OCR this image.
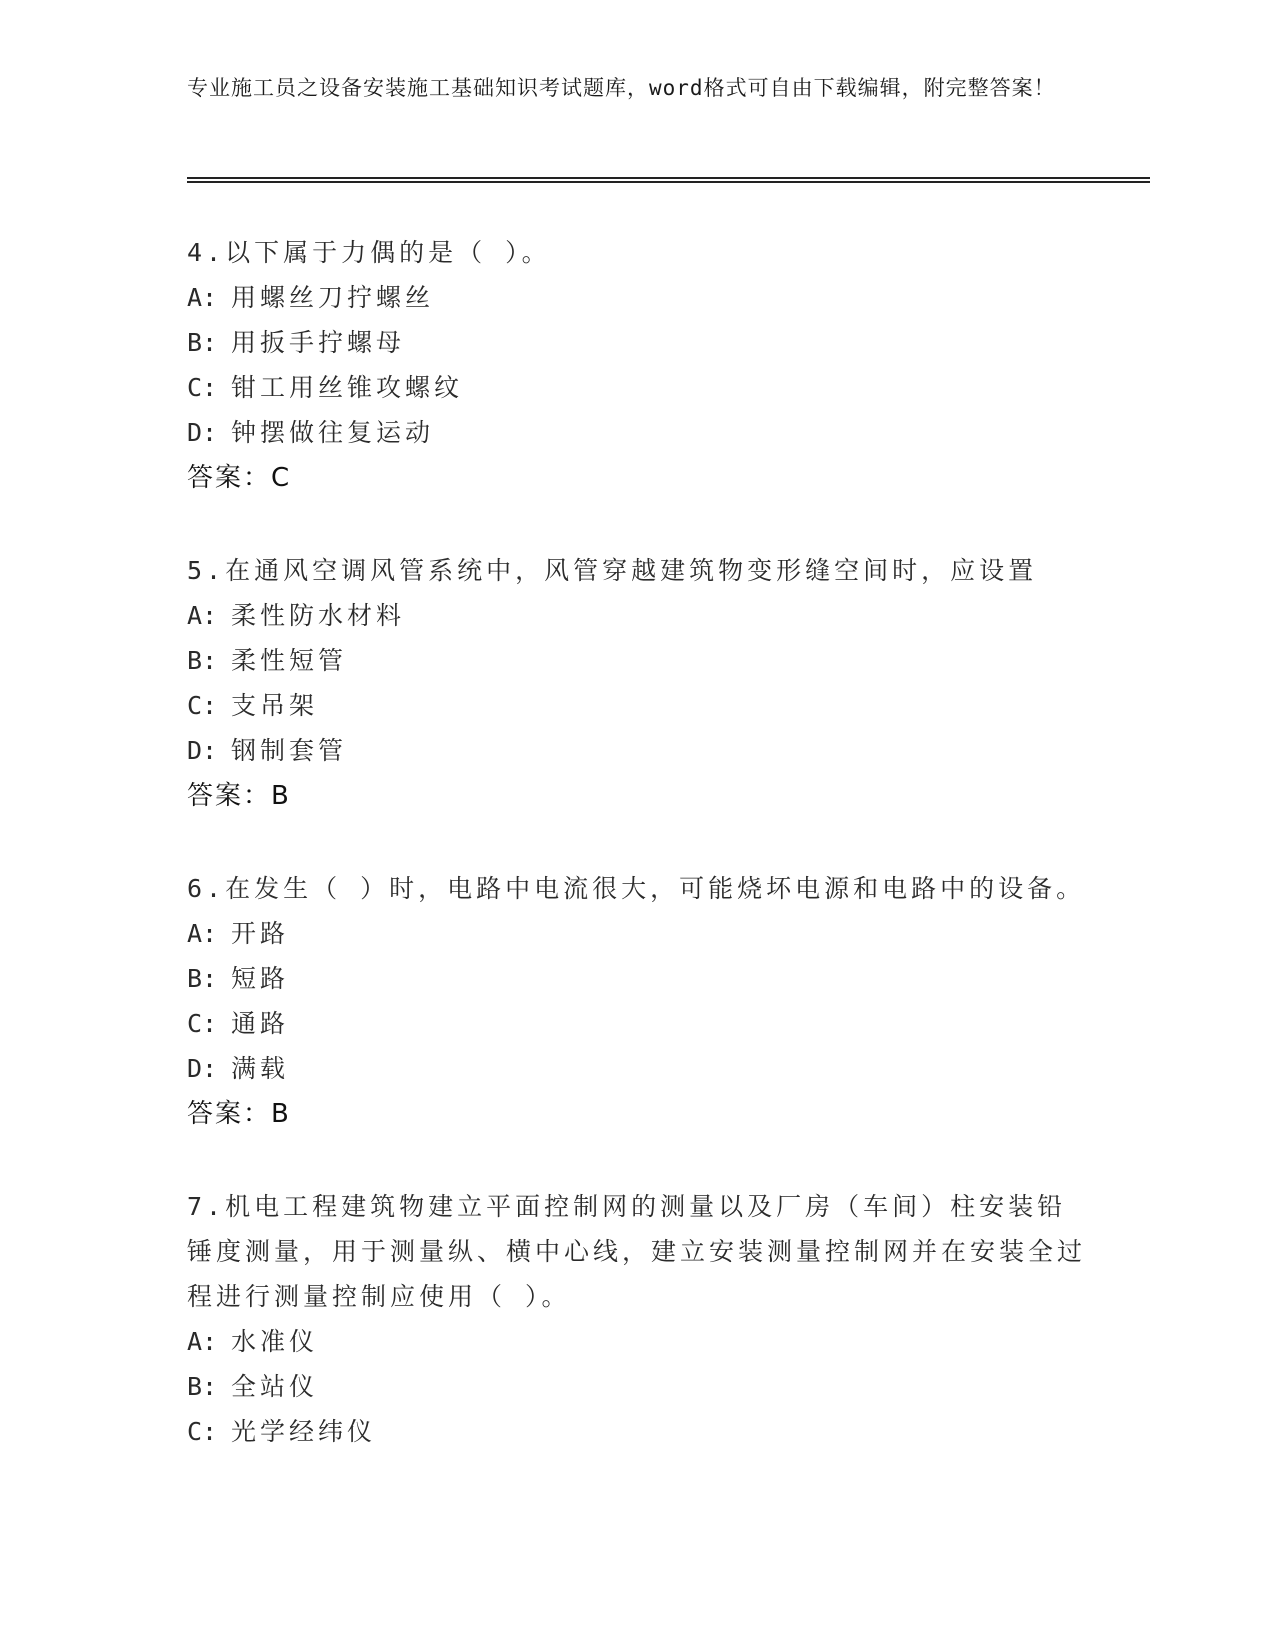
专业施工员之设备安装施工基础知识考试题库，word格式可自由下载编辑，附完整答案！
4.以下属于力偶的是（ ）。
A: 用螺丝刀拧螺丝
B: 用扳手拧螺母
C: 钳工用丝锥攻螺纹
D: 钟摆做往复运动
答案：C
5.在通风空调风管系统中，风管穿越建筑物变形缝空间时，应设置
A: 柔性防水材料
B: 柔性短管
C: 支吊架
D: 钢制套管
答案：B
6.在发生（ ）时，电路中电流很大，可能烧坏电源和电路中的设备。
A: 开路
B: 短路
C: 通路
D: 满载
答案：B
7.机电工程建筑物建立平面控制网的测量以及厂房（车间）柱安装铅锤度测量，用于测量纵、横中心线，建立安装测量控制网并在安装全过程进行测量控制应使用（ ）。
A: 水准仪
B: 全站仪
C: 光学经纬仪
